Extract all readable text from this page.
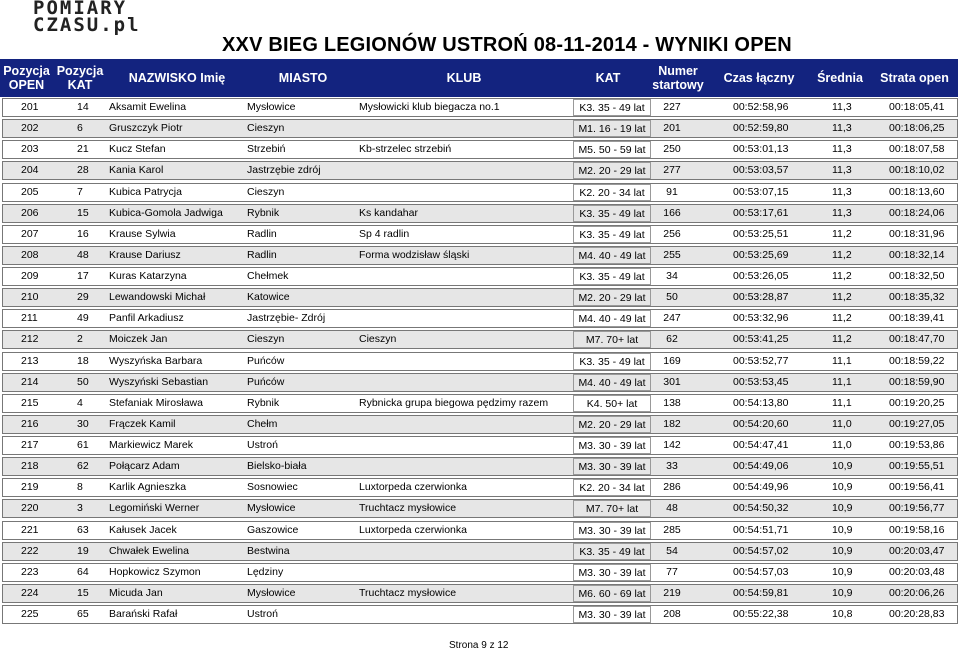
POMIARY
CZASU.pl
XXV BIEG LEGIONÓW USTROŃ 08-11-2014 - WYNIKI OPEN
Pozycja OPEN
Pozycja KAT	NAZWISKO Imię	MIASTO	KLUB	KAT	Numer startowy	Czas łączny	Średnia	Strata open
201	14	Aksamit Ewelina	Mysłowice	Mysłowicki klub biegacza no.1	K3. 35 - 49 lat	227	00:52:58,96	11,3	00:18:05,41
202	6	Gruszczyk Piotr	Cieszyn	M1. 16 - 19 lat	201	00:52:59,80	11,3	00:18:06,25
203	21	Kucz Stefan	Strzebiń	Kb-strzelec strzebiń	M5. 50 - 59 lat	250	00:53:01,13	11,3	00:18:07,58
204	28	Kania Karol	Jastrzębie zdrój	M2. 20 - 29 lat	277	00:53:03,57	11,3	00:18:10,02
205	7	Kubica Patrycja	Cieszyn	K2. 20 - 34 lat	91	00:53:07,15	11,3	00:18:13,60
206	15	Kubica-Gomola Jadwiga	Rybnik	Ks kandahar	K3. 35 - 49 lat	166	00:53:17,61	11,3	00:18:24,06
207	16	Krause Sylwia	Radlin	Sp 4 radlin	K3. 35 - 49 lat	256	00:53:25,51	11,2	00:18:31,96
208	48	Krause Dariusz	Radlin	Forma wodzisław śląski	M4. 40 - 49 lat	255	00:53:25,69	11,2	00:18:32,14
209	17	Kuras Katarzyna	Chełmek	K3. 35 - 49 lat	34	00:53:26,05	11,2	00:18:32,50
210	29	Lewandowski Michał	Katowice	M2. 20 - 29 lat	50	00:53:28,87	11,2	00:18:35,32
211	49	Panfil Arkadiusz	Jastrzębie- Zdrój	M4. 40 - 49 lat	247	00:53:32,96	11,2	00:18:39,41
212	2	Moiczek Jan	Cieszyn	Cieszyn	M7. 70+ lat	62	00:53:41,25	11,2	00:18:47,70
213	18	Wyszyńska Barbara	Puńców	K3. 35 - 49 lat	169	00:53:52,77	11,1	00:18:59,22
214	50	Wyszyński Sebastian	Puńców	M4. 40 - 49 lat	301	00:53:53,45	11,1	00:18:59,90
215	4	Stefaniak Mirosława	Rybnik	Rybnicka grupa biegowa pędzimy razem	K4. 50+ lat	138	00:54:13,80	11,1	00:19:20,25
216	30	Frączek Kamil	Chełm	M2. 20 - 29 lat	182	00:54:20,60	11,0	00:19:27,05
217	61	Markiewicz Marek	Ustroń	M3. 30 - 39 lat	142	00:54:47,41	11,0	00:19:53,86
218	62	Połącarz Adam	Bielsko-biała	M3. 30 - 39 lat	33	00:54:49,06	10,9	00:19:55,51
219	8	Karlik Agnieszka	Sosnowiec	Luxtorpeda czerwionka	K2. 20 - 34 lat	286	00:54:49,96	10,9	00:19:56,41
220	3	Legomiński Werner	Mysłowice	Truchtacz mysłowice	M7. 70+ lat	48	00:54:50,32	10,9	00:19:56,77
221	63	Kałusek Jacek	Gaszowice	Luxtorpeda czerwionka	M3. 30 - 39 lat	285	00:54:51,71	10,9	00:19:58,16
222	19	Chwałek Ewelina	Bestwina	K3. 35 - 49 lat	54	00:54:57,02	10,9	00:20:03,47
223	64	Hopkowicz Szymon	Lędziny	M3. 30 - 39 lat	77	00:54:57,03	10,9	00:20:03,48
224	15	Micuda Jan	Mysłowice	Truchtacz mysłowice	M6. 60 - 69 lat	219	00:54:59,81	10,9	00:20:06,26
225	65	Barański Rafał	Ustroń	M3. 30 - 39 lat	208	00:55:22,38	10,8	00:20:28,83
Strona 9 z 12
